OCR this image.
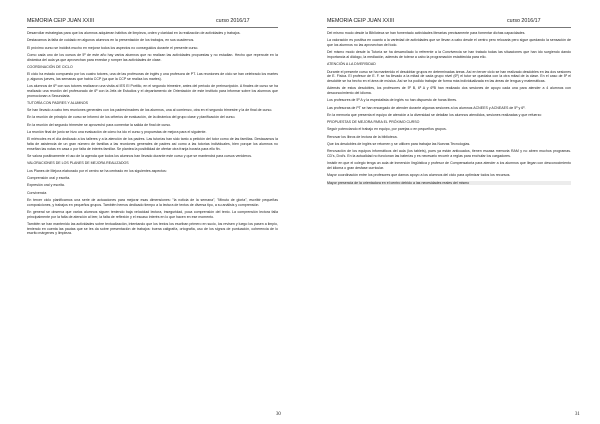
MEMORIA CEIP JUAN XXIII	curso 2016/17

Desarrollar estrategias para que los alumnos adquieran hábitos de limpieza, orden y claridad en la realización de actividades y trabajos.

Destacamos la falta de cuidado en algunos alumnos en la presentación de los trabajos, en sus cuadernos.

El próximo curso se incidirá mucho en mejorar todos los aspectos no conseguidos durante el presente curso.

Como cada uno de los cursos de 5º de este año hay varios alumnos que no realizan las actividades propuestas y no estudian. Hecho que repercute en la dinámica del aula ya que aprovechan para enredar y romper las actividades de clase.

COORDINACIÓN DE CICLO

El ciclo ha estado compuesto por los cuatro tutores, una de las profesoras de inglés y una profesora de PT. Las reuniones de ciclo se han celebrado los martes y, algunos jueves, las semanas que había CCP (ya que la CCP se realiza los martes).

Los alumnos de 6º con sus tutores realizaron una visita al IES El Portillo, en el segundo trimestre, antes del periodo de preinscripción. A finales de curso se ha realizado una reunión del profesorado de 6º con la Jefa de Estudios y el departamento de Orientación de este instituto para informar sobre los alumnos que promocionan a Secundaria.

TUTORÍA CON PADRES Y ALUMNOS

Se han llevado a cabo tres reuniones generales con los padres/madres de los alumnos, una al comienzo, otra en el segundo trimestre y la de final de curso.

En la reunión de principio de curso se informó de los criterios de evaluación, de la dinámica del grupo clase y planificación del curso.

En la reunión del segundo trimestre se aprovechó para comentar la salida de final de curso.

La reunión final de junio se hizo una evaluación de cómo ha ido el curso y propuestas de mejora para el siguiente.

El miércoles es el día dedicado a los talleres y a la atención de los padres. Las tutorías han sido tanto a petición del tutor como de las familias. Destacamos la falta de asistencia de un gran número de familias a las reuniones generales de padres así como a las tutorías individuales, bien porque los alumnos no enseñan las notas en casa o por falta de interés familiar. Se plantea la posibilidad de ofertar otra franja horaria para ello fin.

Se valora positivamente el uso de la agenda que todos los alumnos han llevado durante este curso y que se mantendrá para cursos venideros.

VALORACIONES DE LOS PLANES DE MEJORA REALIZADOS

Los Planes de Mejora elaborado por el centro se ha centrado en los siguientes aspectos:

Comprensión oral y escrita.

Expresión oral y escrita.

Convivencia

En tercer ciclo planificamos una serie de actuaciones para mejorar esas dimensiones: "la noticia de la semana", "Minuto de gloria", escribir pequeñas composiciones, y trabajos en pequeños grupos. También hemos dedicado tiempo a la lectura de textos de diversa tipo, a su análisis y comprensión.

En general se observa que varios alumnos siguen teniendo baja velocidad lectora, inseguridad, poca comprensión del texto. La comprensión lectora falla principalmente por la falta de atención al leer, la falta de reflexión y el escaso interés en lo que hacen en ese momento.

También se han mantenido las actividades sobre textualización, intentando que los textos los escriban primero en sucio, los revisen y luego los pasen a limpio, teniendo en cuenta las pautas que se les da sobre presentación de trabajos: buena caligrafía, ortografía, uso de los signos de puntuación, coherencia de lo escrito márgenes y limpieza.

30
MEMORIA CEIP JUAN XXIII	curso 2016/17

Del mismo modo desde la Biblioteca se han fomentado actividades literarias precisamente para fomentar dichas capacidades.

La valoración es positiva en cuanto a la variedad de actividades que se llevan a cabo desde el centro pero relocaria pero sigue quedando la sensación de que los alumnos no las aprovechan del todo.

Del mismo modo desde la Tutoría se ha desarrollado lo referente a la Convivencia se han tratado todas las situaciones que han ido surgiendo dando importancia al diálogo, la mediación, además de tolerar a cabo la programación establecida para ello.

ATENCIÓN A LA DIVERSIDAD

Durante el presente curso se ha mantenido el desdoblar grupos en determinadas áreas. Así en tercer ciclo se han realizado desdobles en las dos sesiones de E. Física. El profesor de E. F. se ha llevado a la mitad de cada grupo nivel (6º) el tutor se quedaba con la otra mitad de la clase. En el caso de 5º el desdoble se ha hecho en el área de música. Así se ha podido trabajar de forma más individualizada en las áreas de lengua y matemáticas.

Además de estos desdobles, los profesores de 5º B, 6º A y 6ºB han realizado dos sesiones de apoyo cada una para atender a 4 alumnos con desconocimiento del idioma.

Los profesores de 5º A y la especialista de inglés no han dispuesto de horas libres.

Las profesoras de PT se han encargado de atender durante algunas sesiones a los alumnos ACNEES y ACNEAES de 5º y 6º.

En la memoria que presenta el equipo de atención a la diversidad se detallan los alumnos atendidos, sesiones realizadas y que refuerzo

PROPUESTAS DE MEJORA PARA EL PRÓXIMO CURSO

Seguir potenciando el trabajo en equipo, por parejas o en pequeños grupos.

Renovar los libros de lectura de la biblioteca.

Que los desdobles de inglés se retomen y se utilicen para trabajar las Nuevas Tecnologías.

Renovación de los equipos informáticos del aula (los tablets), pues ya están anticuados, tienen escasa memoria RAM y no abren muchos programas. CD's, Dvd's. En la actualidad no funcionan las baterías y es necesario recurrir a reglas para enchufar los cargadores.

Insistir en que el colegio tenga un aula de inmersión lingüística y profesor de Compensatoria para atender a los alumnos que llegan con desconocimiento del idioma o gran desfase curricular.

Mayor coordinación entre los profesores que damos apoyo a los alumnos del ciclo para optimizar todos los recursos.

Mayor presencia de la orientadora en el centro debido a las necesidades reales del mismo

31
